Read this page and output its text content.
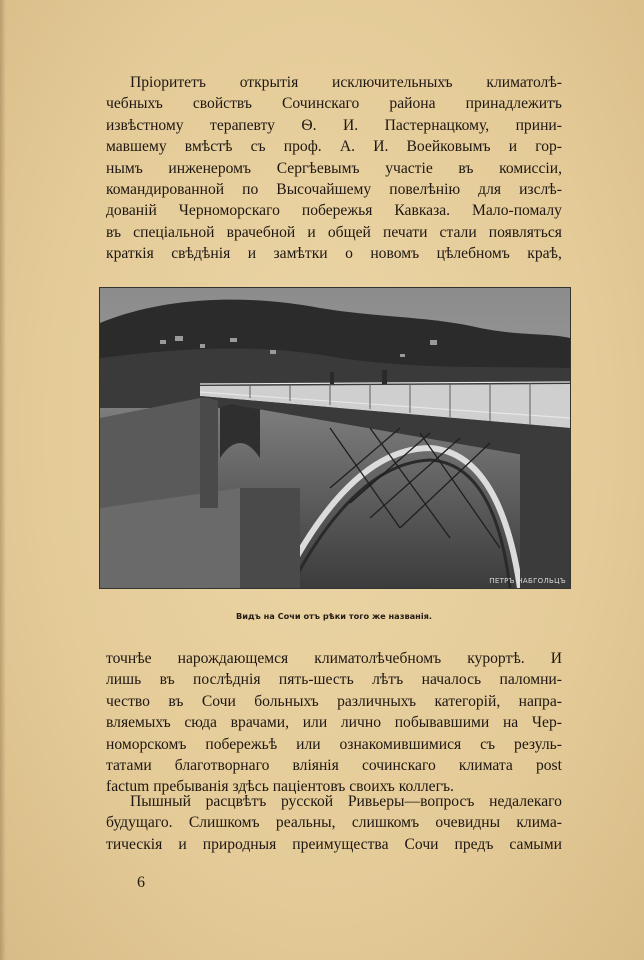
Пріоритетъ открытія исключительныхъ климатолѣ-
чебныхъ свойствъ Сочинскаго района принадлежитъ
извѣстному терапевту Ѳ. И. Пастернацкому, прини-
мавшему вмѣстѣ съ проф. А. И. Воейковымъ и гор-
нымъ инженеромъ Сергѣевымъ участіе въ комиссіи,
командированной по Высочайшему повелѣнію для изслѣ-
дованій Черноморскаго побережья Кавказа. Мало-помалу
въ спеціальной врачебной и общей печати стали появляться
краткія свѣдѣнія и замѣтки о новомъ цѣлебномъ краѣ,
ПЕТРЪ НАБГОЛЬЦЪ

Видъ на Сочи отъ рѣки того же названія.

точнѣе нарождающемся климатолѣчебномъ курортѣ. И
лишь въ послѣднія пять-шесть лѣтъ началось паломни-
чество въ Сочи больныхъ различныхъ категорій, напра-
вляемыхъ сюда врачами, или лично побывавшими на Чер-
номорскомъ побережьѣ или ознакомившимися съ резуль-
татами благотворнаго вліянія сочинскаго климата post
factum пребыванія здѣсь паціентовъ своихъ коллегъ.
Пышный расцвѣтъ русской Ривьеры—вопросъ недалекаго
будущаго. Слишкомъ реальны, слишкомъ очевидны клима-
тическія и природныя преимущества Сочи предъ самыми

6
